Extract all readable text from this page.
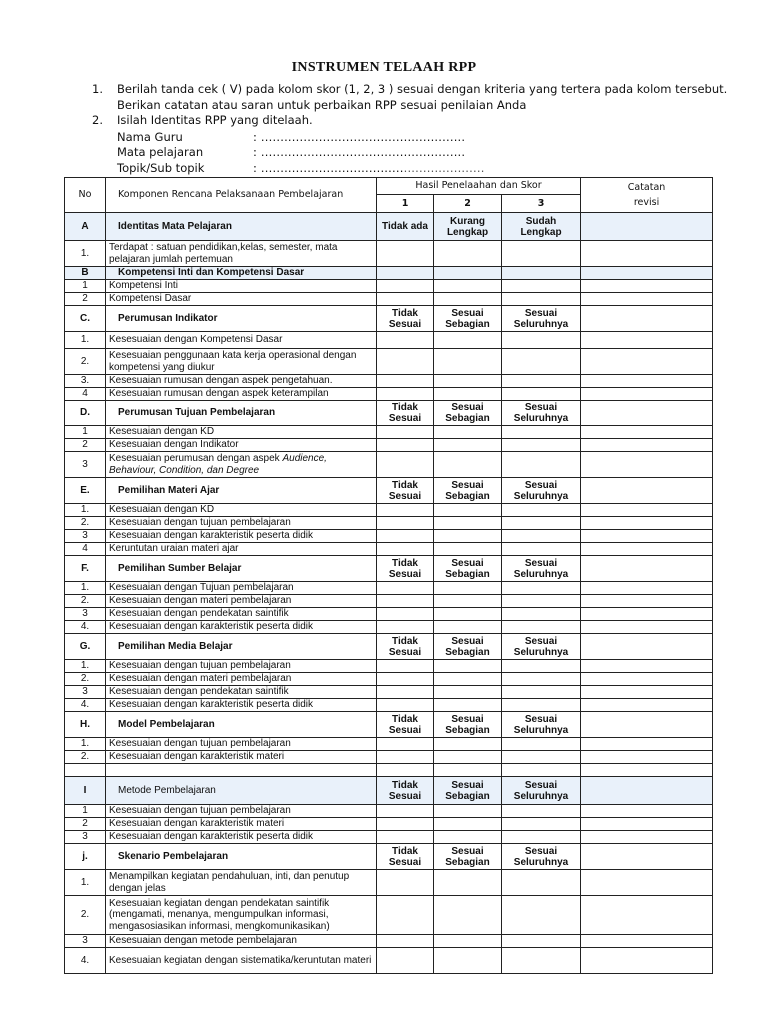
INSTRUMEN TELAAH RPP
1. Berilah tanda cek ( V) pada kolom skor (1, 2, 3 ) sesuai dengan kriteria yang tertera pada kolom tersebut. Berikan catatan atau saran untuk perbaikan RPP sesuai penilaian Anda
2. Isilah Identitas RPP yang ditelaah.
Nama Guru	: .....................................................
Mata pelajaran	: .....................................................
Topik/Sub topik	: ..........................................................
No	Komponen Rencana Pelaksanaan Pembelajaran	Hasil Penelaahan dan Skor			Catatan
revisi
		1	2	3	
A	Identitas Mata Pelajaran	Tidak ada	Kurang Lengkap	Sudah Lengkap	
1.	Terdapat : satuan pendidikan,kelas, semester, mata pelajaran jumlah pertemuan				
B	Kompetensi Inti dan Kompetensi Dasar				
1	Kompetensi Inti				
2	Kompetensi Dasar				
C.	Perumusan Indikator	Tidak Sesuai	Sesuai Sebagian	Sesuai Seluruhnya	
1.	Kesesuaian dengan Kompetensi Dasar				
2.	Kesesuaian penggunaan kata kerja operasional dengan kompetensi yang diukur				
3.	Kesesuaian rumusan dengan aspek pengetahuan.				
4	Kesesuaian rumusan dengan aspek keterampilan				
D.	Perumusan Tujuan Pembelajaran	Tidak Sesuai	Sesuai Sebagian	Sesuai Seluruhnya	
1	Kesesuaian dengan KD				
2	Kesesuaian dengan Indikator				
3	Kesesuaian perumusan dengan aspek Audience, Behaviour, Condition, dan Degree				
E.	Pemilihan Materi Ajar	Tidak Sesuai	Sesuai Sebagian	Sesuai Seluruhnya	
1.	Kesesuaian dengan KD				
2.	Kesesuaian dengan tujuan pembelajaran				
3	Kesesuaian dengan karakteristik peserta didik				
4	Keruntutan uraian materi ajar				
F.	Pemilihan Sumber Belajar	Tidak Sesuai	Sesuai Sebagian	Sesuai Seluruhnya	
1.	Kesesuaian dengan Tujuan pembelajaran				
2.	Kesesuaian dengan materi pembelajaran				
3	Kesesuaian dengan pendekatan saintifik				
4.	Kesesuaian dengan karakteristik peserta didik				
G.	Pemilihan Media Belajar	Tidak Sesuai	Sesuai Sebagian	Sesuai Seluruhnya	
1.	Kesesuaian dengan tujuan pembelajaran				
2.	Kesesuaian dengan materi pembelajaran				
3	Kesesuaian dengan pendekatan saintifik				
4.	Kesesuaian dengan karakteristik peserta didik				
H.	Model Pembelajaran	Tidak Sesuai	Sesuai Sebagian	Sesuai Seluruhnya	
1.	Kesesuaian dengan tujuan pembelajaran				
2.	Kesesuaian dengan karakteristik materi				

I	Metode Pembelajaran	Tidak Sesuai	Sesuai Sebagian	Sesuai Seluruhnya	
1	Kesesuaian dengan tujuan pembelajaran				
2	Kesesuaian dengan karakteristik materi				
3	Kesesuaian dengan karakteristik peserta didik				
j.	Skenario Pembelajaran	Tidak Sesuai	Sesuai Sebagian	Sesuai Seluruhnya	
1.	Menampilkan kegiatan pendahuluan, inti, dan penutup dengan jelas				
2.	Kesesuaian kegiatan dengan pendekatan saintifik (mengamati, menanya, mengumpulkan informasi, mengasosiasikan informasi, mengkomunikasikan)				
3	Kesesuaian dengan metode pembelajaran				
4.	Kesesuaian kegiatan dengan sistematika/keruntutan materi				
